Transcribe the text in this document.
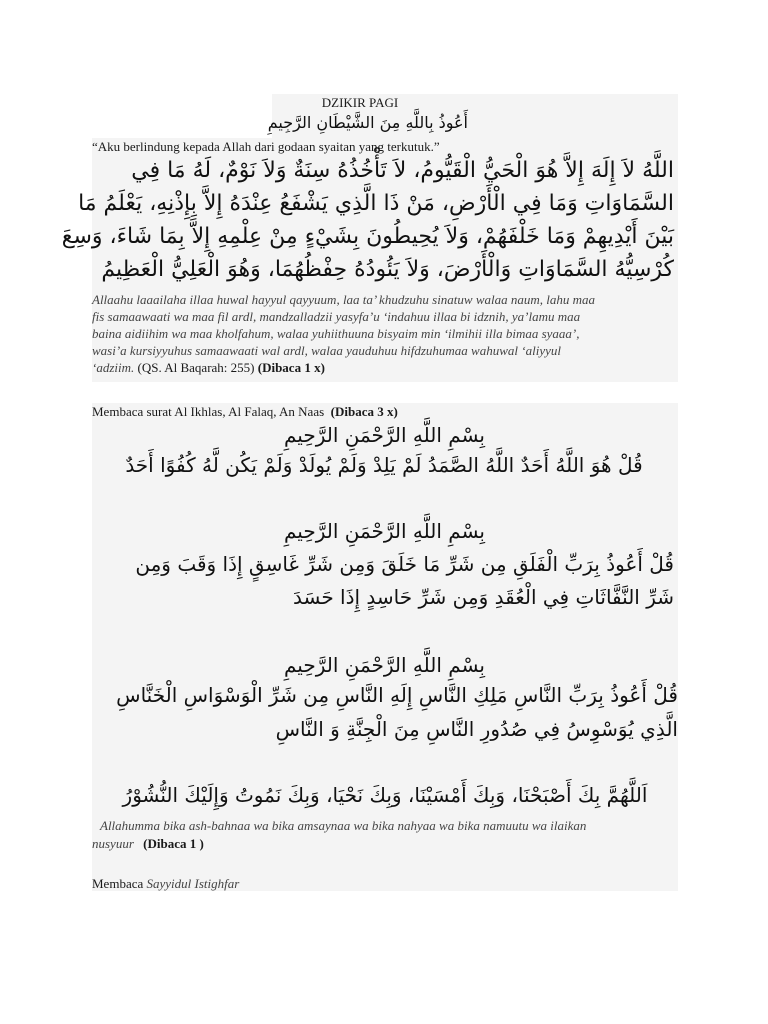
DZIKIR PAGI
أَعُوذُ بِاللَّهِ مِنَ الشَّيْطَانِ الرَّجِيمِ
“Aku berlindung kepada Allah dari godaan syaitan yang terkutuk.”
اللَّهُ لاَ إِلَهَ إِلاَّ هُوَ الْحَيُّ الْقَيُّومُ، لاَ تَأْخُذُهُ سِنَةٌ وَلاَ نَوْمٌ، لَهُ مَا فِي
السَّمَاوَاتِ وَمَا فِي الْأَرْضِ، مَنْ ذَا الَّذِي يَشْفَعُ عِنْدَهُ إِلاَّ بِإِذْنِهِ، يَعْلَمُ مَا
بَيْنَ أَيْدِيهِمْ وَمَا خَلْفَهُمْ، وَلاَ يُحِيطُونَ بِشَيْءٍ مِنْ عِلْمِهِ إِلاَّ بِمَا شَاءَ، وَسِعَ
كُرْسِيُّهُ السَّمَاوَاتِ وَالْأَرْضَ، وَلاَ يَئُودُهُ حِفْظُهُمَا، وَهُوَ الْعَلِيُّ الْعَظِيمُ
Allaahu laaailaha illaa huwal hayyul qayyuum, laa ta’ khudzuhu sinatuw walaa naum, lahu maa
fis samaawaati wa maa fil ardl, mandzalladzii yasyfa’u ‘indahuu illaa bi idznih, ya’lamu maa
baina aidiihim wa maa kholfahum, walaa yuhiithuuna bisyaim min ‘ilmihii illa bimaa syaaa’,
wasi’a kursiyyuhus samaawaati wal ardl, walaa yauduhuu hifdzuhumaa wahuwal ‘aliyyul
‘adziim. (QS. Al Baqarah: 255) (Dibaca 1 x)
Membaca surat Al Ikhlas, Al Falaq, An Naas  (Dibaca 3 x)
بِسْمِ اللَّهِ الرَّحْمَنِ الرَّحِيمِ
قُلْ هُوَ اللَّهُ أَحَدٌ اللَّهُ الصَّمَدُ لَمْ يَلِدْ وَلَمْ يُولَدْ وَلَمْ يَكُن لَّهُ كُفُوًا أَحَدٌ
بِسْمِ اللَّهِ الرَّحْمَنِ الرَّحِيمِ
قُلْ أَعُوذُ بِرَبِّ الْفَلَقِ مِن شَرِّ مَا خَلَقَ وَمِن شَرِّ غَاسِقٍ إِذَا وَقَبَ وَمِن
شَرِّ النَّفَّاثَاتِ فِي الْعُقَدِ وَمِن شَرِّ حَاسِدٍ إِذَا حَسَدَ
بِسْمِ اللَّهِ الرَّحْمَنِ الرَّحِيمِ
قُلْ أَعُوذُ بِرَبِّ النَّاسِ مَلِكِ النَّاسِ إِلَهِ النَّاسِ مِن شَرِّ الْوَسْوَاسِ الْخَنَّاسِ
الَّذِي يُوَسْوِسُ فِي صُدُورِ النَّاسِ مِنَ الْجِنَّةِ وَ النَّاسِ
اَللَّهُمَّ بِكَ أَصْبَحْنَا، وَبِكَ أَمْسَيْنَا، وَبِكَ نَحْيَا، وَبِكَ نَمُوتُ وَإِلَيْكَ النُّشُوْرُ
Allahumma bika ash-bahnaa wa bika amsaynaa wa bika nahyaa wa bika namuutu wa ilaikan
nusyuur (Dibaca 1 )
Membaca Sayyidul Istighfar
